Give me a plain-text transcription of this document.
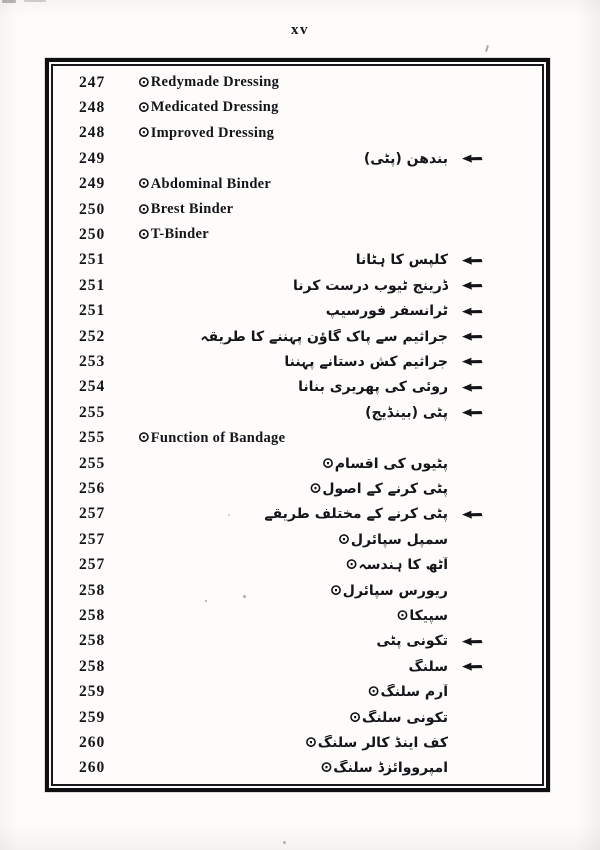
xv
247	⊙ Redymade Dressing
248	⊙ Medicated Dressing
248	⊙ Improved Dressing
249	بندھن (پٹی)
249	⊙ Abdominal Binder
250	⊙ Brest Binder
250	⊙ T-Binder
251	کلپس کا ہٹانا
251	ڈرینج ٹیوب درست کرنا
251	ٹرانسفر فورسیپ
252	جراثیم سے پاک گاؤن پہننے کا طریقہ
253	جراثیم کش دستانے پہننا
254	روئی کی پھریری بنانا
255	پٹی (بینڈیج)
255	⊙ Function of Bandage
255	⊙ پٹیوں کی اقسام
256	⊙ پٹی کرنے کے اصول
257	پٹی کرنے کے مختلف طریقے
257	⊙ سمپل سپائرل
257	⊙ آٹھ کا ہندسہ
258	⊙ ریورس سپائرل
258	⊙ سپیکا
258	تکونی پٹی
258	سلنگ
259	⊙ آرم سلنگ
259	⊙ تکونی سلنگ
260	⊙ کف اینڈ کالر سلنگ
260	⊙ امپرووائزڈ سلنگ
